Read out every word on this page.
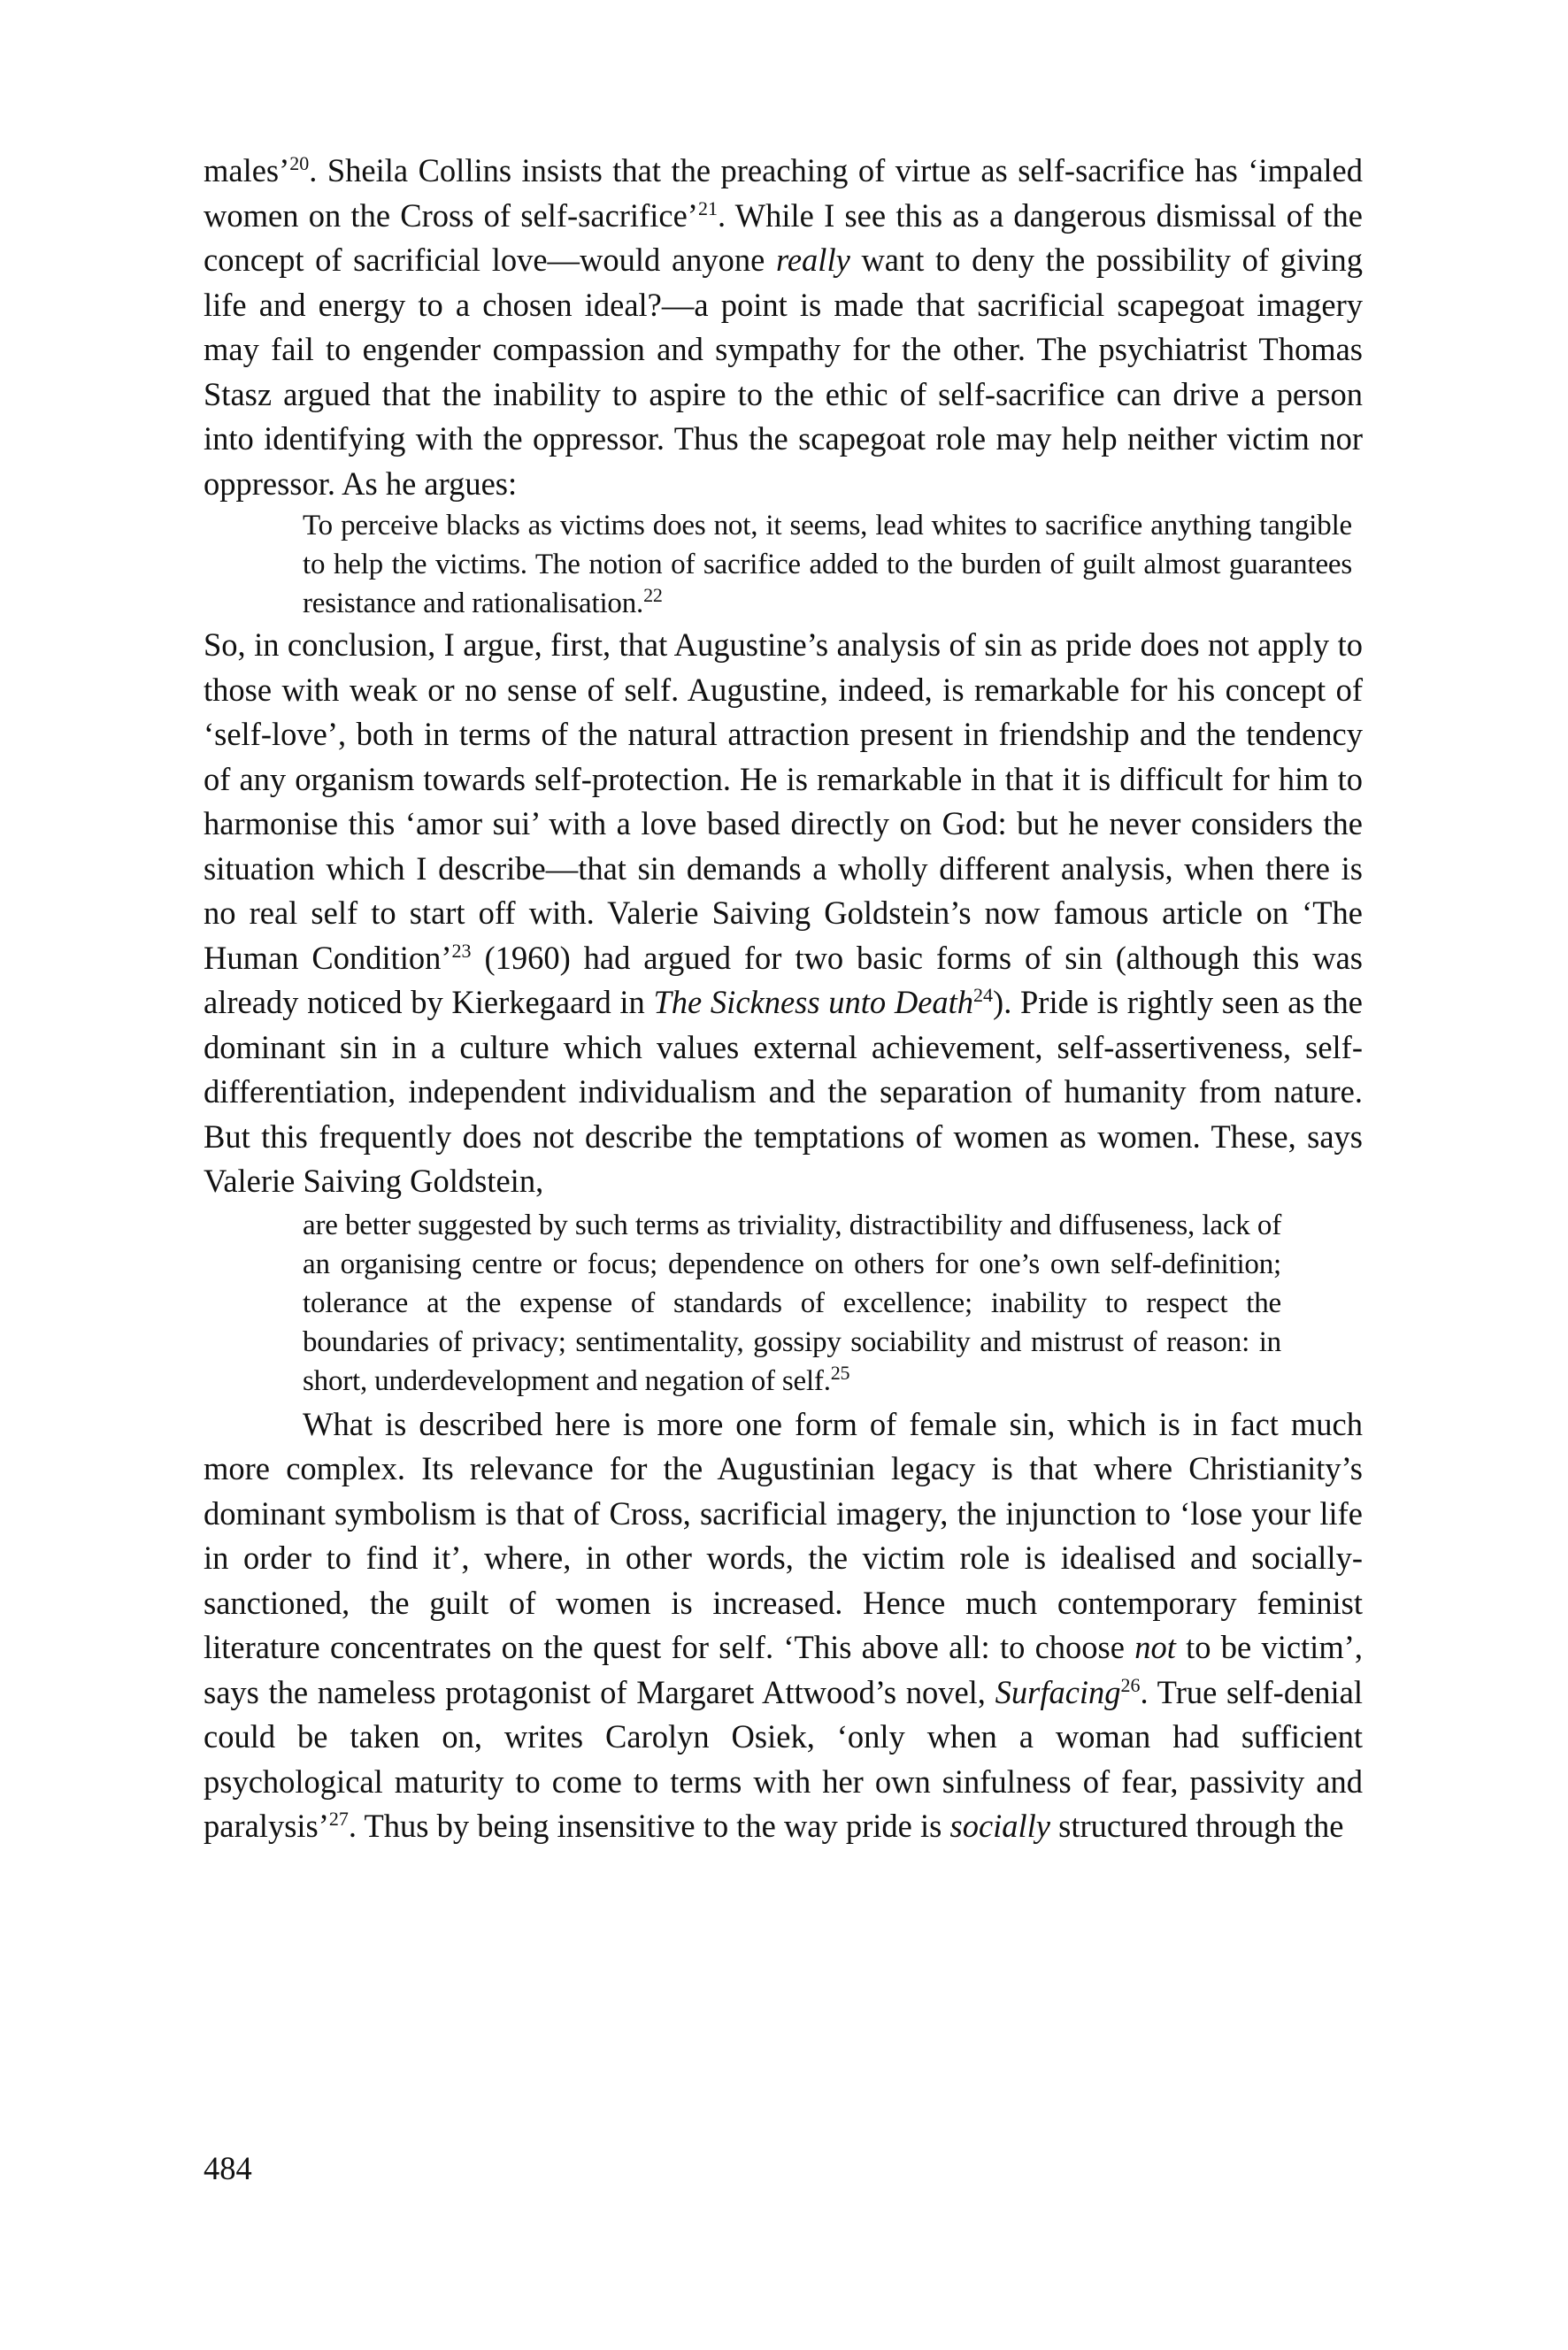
males’$^{20}$. Sheila Collins insists that the preaching of virtue as self-sacrifice has ‘impaled women on the Cross of self-sacrifice’$^{21}$. While I see this as a dangerous dismissal of the concept of sacrificial love—would anyone really want to deny the possibility of giving life and energy to a chosen ideal?—a point is made that sacrificial scapegoat imagery may fail to engender compassion and sympathy for the other. The psychiatrist Thomas Stasz argued that the inability to aspire to the ethic of self-sacrifice can drive a person into identifying with the oppressor. Thus the scapegoat role may help neither victim nor oppressor. As he argues:

To perceive blacks as victims does not, it seems, lead whites to sacrifice anything tangible to help the victims. The notion of sacrifice added to the burden of guilt almost guarantees resistance and rationalisation.$^{22}$

So, in conclusion, I argue, first, that Augustine’s analysis of sin as pride does not apply to those with weak or no sense of self. Augustine, indeed, is remarkable for his concept of ‘self-love’, both in terms of the natural attraction present in friendship and the tendency of any organism towards self-protection. He is remarkable in that it is difficult for him to harmonise this ‘amor sui’ with a love based directly on God: but he never considers the situation which I describe—that sin demands a wholly different analysis, when there is no real self to start off with. Valerie Saiving Goldstein’s now famous article on ‘The Human Condition’$^{23}$ (1960) had argued for two basic forms of sin (although this was already noticed by Kierkegaard in The Sickness unto Death$^{24}$). Pride is rightly seen as the dominant sin in a culture which values external achievement, self-assertiveness, self-differentiation, independent individualism and the separation of humanity from nature. But this frequently does not describe the temptations of women as women. These, says Valerie Saiving Goldstein,

are better suggested by such terms as triviality, distractibility and diffuseness, lack of an organising centre or focus; dependence on others for one’s own self-definition; tolerance at the expense of standards of excellence; inability to respect the boundaries of privacy; sentimentality, gossipy sociability and mistrust of reason: in short, underdevelopment and negation of self.$^{25}$

What is described here is more one form of female sin, which is in fact much more complex. Its relevance for the Augustinian legacy is that where Christianity’s dominant symbolism is that of Cross, sacrificial imagery, the injunction to ‘lose your life in order to find it’, where, in other words, the victim role is idealised and socially-sanctioned, the guilt of women is increased. Hence much contemporary feminist literature concentrates on the quest for self. ‘This above all: to choose not to be victim’, says the nameless protagonist of Margaret Attwood’s novel, Surfacing$^{26}$. True self-denial could be taken on, writes Carolyn Osiek, ‘only when a woman had sufficient psychological maturity to come to terms with her own sinfulness of fear, passivity and paralysis’$^{27}$. Thus by being insensitive to the way pride is socially structured through the

484
